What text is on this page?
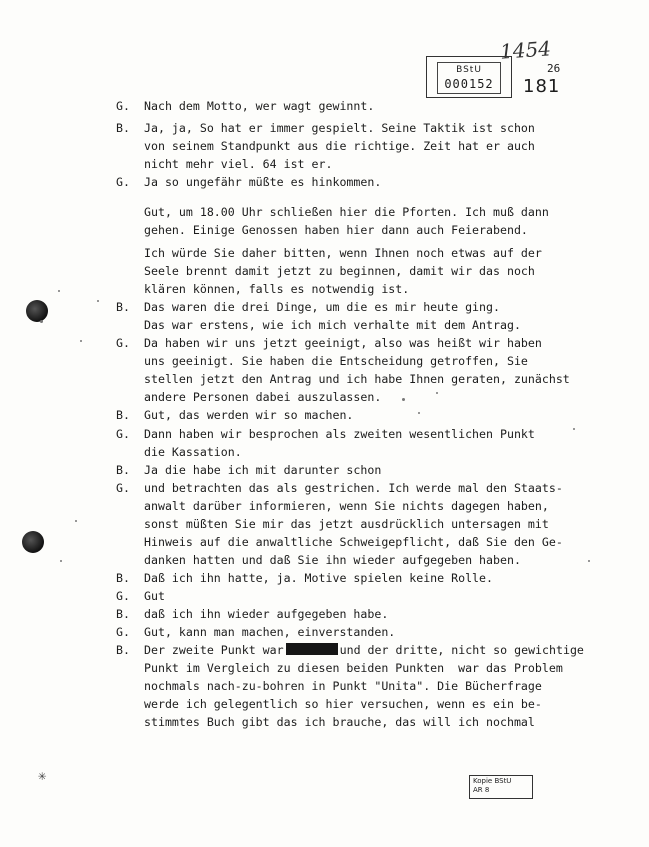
1454
BStU
000152
26
181

G.

	Nach dem Motto, wer wagt gewinnt.

B.

	Ja, ja, So hat er immer gespielt. Seine Taktik ist schon

von seinem Standpunkt aus die richtige. Zeit hat er auch

nicht mehr viel. 64 ist er.

G.

	Ja so ungefähr müßte es hinkommen.

Gut, um 18.00 Uhr schließen hier die Pforten. Ich muß dann

gehen. Einige Genossen haben hier dann auch Feierabend.

Ich würde Sie daher bitten, wenn Ihnen noch etwas auf der

Seele brennt damit jetzt zu beginnen, damit wir das noch

klären können, falls es notwendig ist.

B.

	Das waren die drei Dinge, um die es mir heute ging.

Das war erstens, wie ich mich verhalte mit dem Antrag.

G.

	Da haben wir uns jetzt geeinigt, also was heißt wir haben

uns geeinigt. Sie haben die Entscheidung getroffen, Sie

stellen jetzt den Antrag und ich habe Ihnen geraten, zunächst

andere Personen dabei auszulassen.

B.

	Gut, das werden wir so machen.

G.

	Dann haben wir besprochen als zweiten wesentlichen Punkt

die Kassation.

B.

	Ja die habe ich mit darunter schon

G.

	und betrachten das als gestrichen. Ich werde mal den Staats-

anwalt darüber informieren, wenn Sie nichts dagegen haben,

sonst müßten Sie mir das jetzt ausdrücklich untersagen mit

Hinweis auf die anwaltliche Schweigepflicht, daß Sie den Ge-

danken hatten und daß Sie ihn wieder aufgegeben haben.

B.

	Daß ich ihn hatte, ja. Motive spielen keine Rolle.

G.

	Gut

B.

	daß ich ihn wieder aufgegeben habe.

G.

	Gut, kann man machen, einverstanden.

B.

	Der zweite Punkt war	und der dritte, nicht so gewichtige

Punkt im Vergleich zu diesen beiden Punkten  war das Problem

nochmals nach-zu-bohren in Punkt "Unita". Die Bücherfrage

werde ich gelegentlich so hier versuchen, wenn es ein be-

stimmtes Buch gibt das ich brauche, das will ich nochmal

✳	Kopie BStU
AR 8
